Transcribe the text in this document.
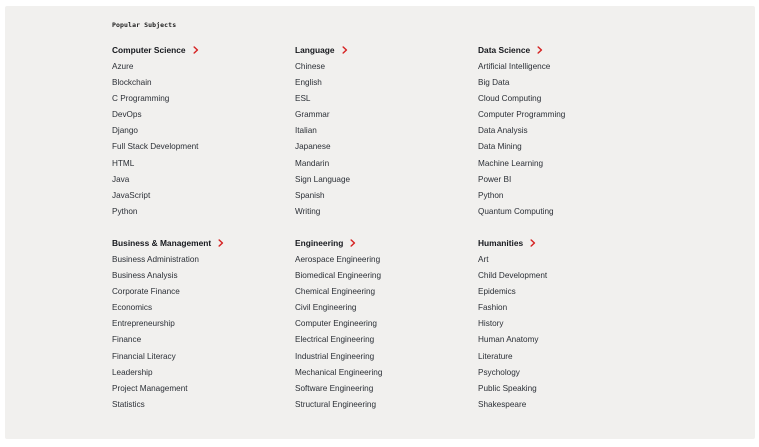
Popular Subjects
Computer Science
Azure
Blockchain
C Programming
DevOps
Django
Full Stack Development
HTML
Java
JavaScript
Python
Language
Chinese
English
ESL
Grammar
Italian
Japanese
Mandarin
Sign Language
Spanish
Writing
Data Science
Artificial Intelligence
Big Data
Cloud Computing
Computer Programming
Data Analysis
Data Mining
Machine Learning
Power BI
Python
Quantum Computing
Business & Management
Business Administration
Business Analysis
Corporate Finance
Economics
Entrepreneurship
Finance
Financial Literacy
Leadership
Project Management
Statistics
Engineering
Aerospace Engineering
Biomedical Engineering
Chemical Engineering
Civil Engineering
Computer Engineering
Electrical Engineering
Industrial Engineering
Mechanical Engineering
Software Engineering
Structural Engineering
Humanities
Art
Child Development
Epidemics
Fashion
History
Human Anatomy
Literature
Psychology
Public Speaking
Shakespeare
